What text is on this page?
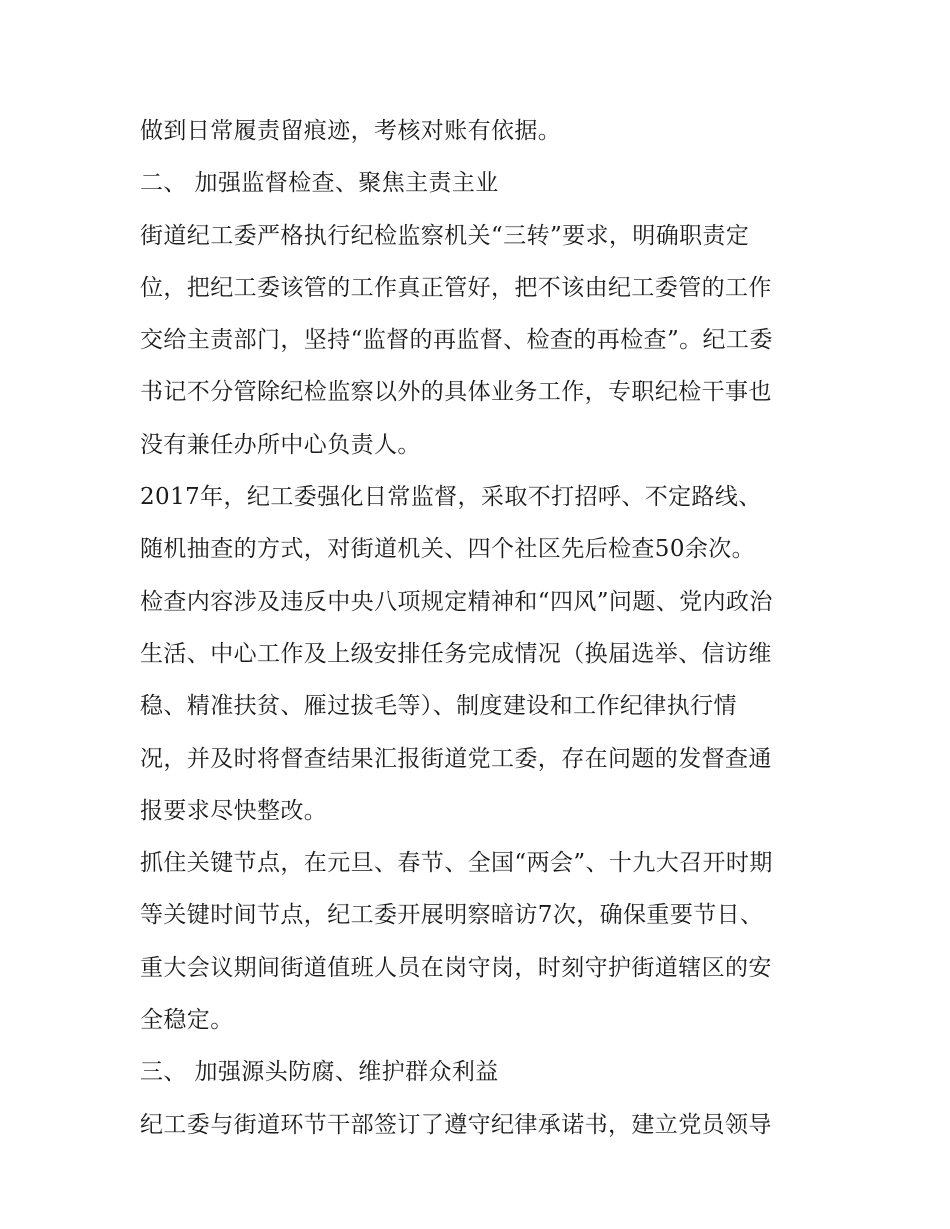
做到日常履责留痕迹，考核对账有依据。
二、 加强监督检查、聚焦主责主业
街道纪工委严格执行纪检监察机关“三转”要求，明确职责定
位，把纪工委该管的工作真正管好，把不该由纪工委管的工作
交给主责部门，坚持“监督的再监督、检查的再检查”。纪工委
书记不分管除纪检监察以外的具体业务工作，专职纪检干事也
没有兼任办所中心负责人。
2017年，纪工委强化日常监督，采取不打招呼、不定路线、
随机抽查的方式，对街道机关、四个社区先后检查50余次。
检查内容涉及违反中央八项规定精神和“四风”问题、党内政治
生活、中心工作及上级安排任务完成情况（换届选举、信访维
稳、精准扶贫、雁过拔毛等）、制度建设和工作纪律执行情
况，并及时将督查结果汇报街道党工委，存在问题的发督查通
报要求尽快整改。
抓住关键节点，在元旦、春节、全国“两会”、十九大召开时期
等关键时间节点，纪工委开展明察暗访7次，确保重要节日、
重大会议期间街道值班人员在岗守岗，时刻守护街道辖区的安
全稳定。
三、 加强源头防腐、维护群众利益
纪工委与街道环节干部签订了遵守纪律承诺书，建立党员领导
